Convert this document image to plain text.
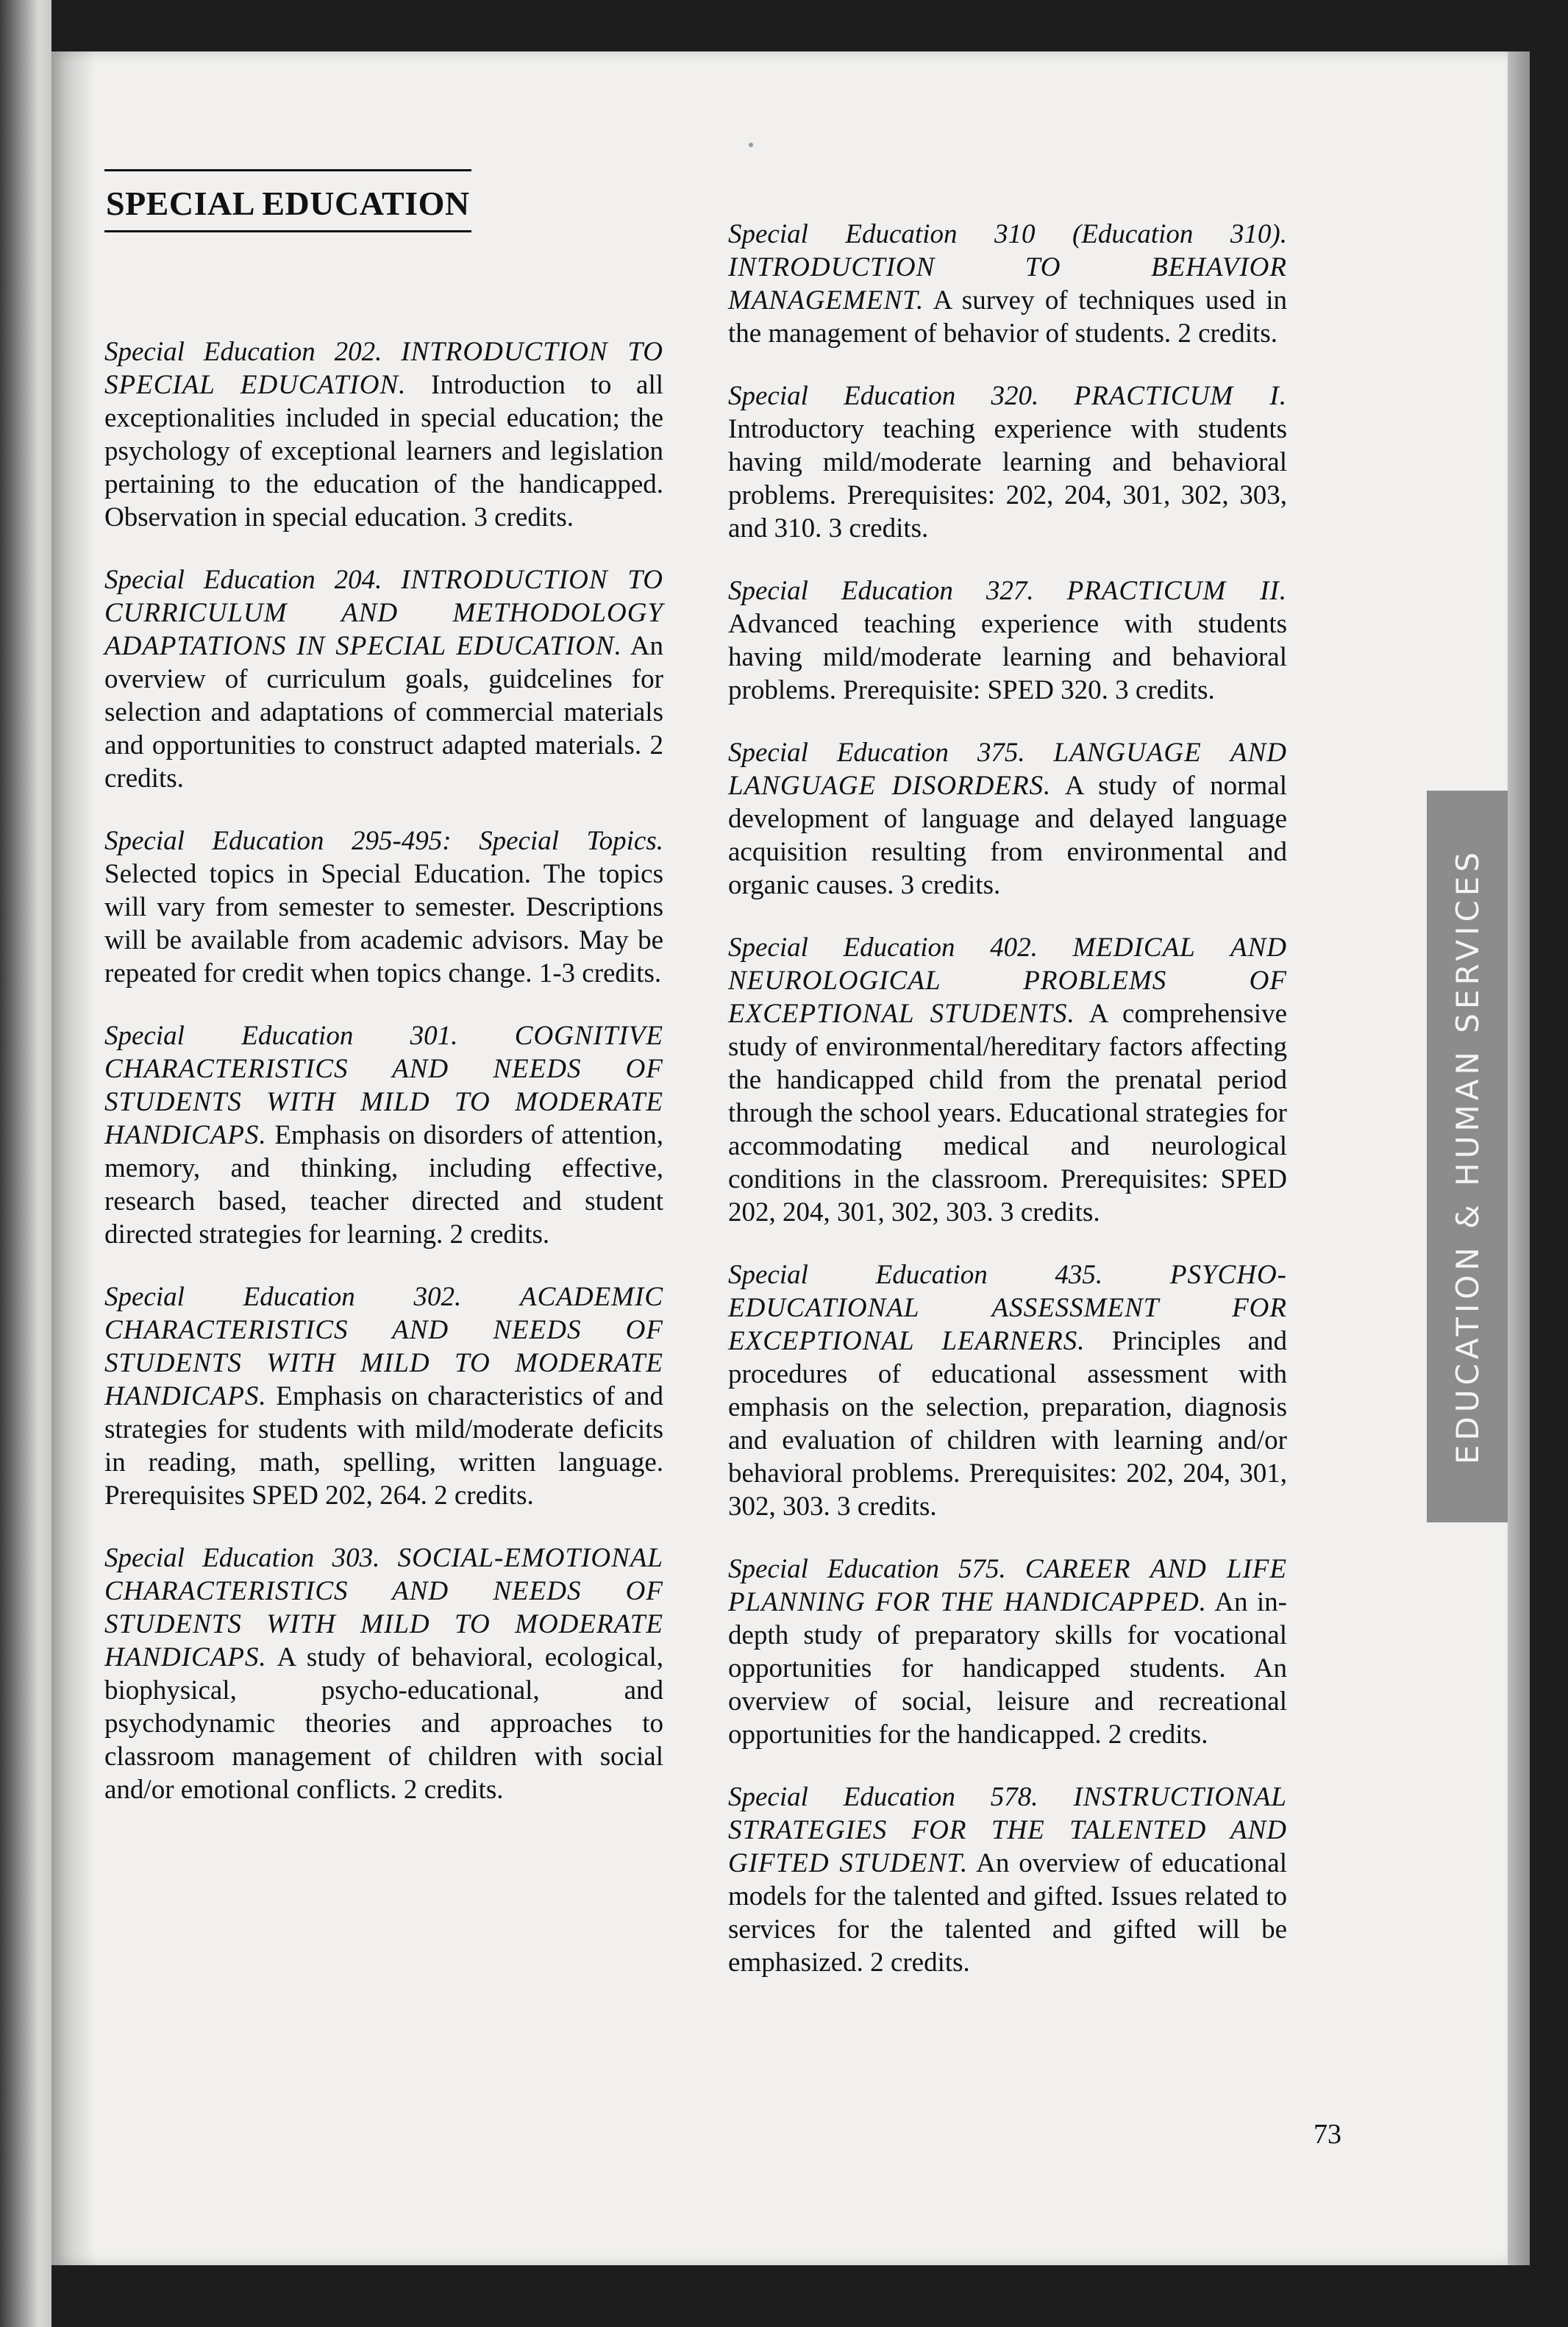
SPECIAL EDUCATION

Special Education 202. INTRODUCTION TO SPECIAL EDUCATION. Introduction to all exceptionalities included in special education; the psychology of exceptional learners and legislation pertaining to the education of the handicapped. Observation in special education. 3 credits.

Special Education 204. INTRODUCTION TO CURRICULUM AND METHODOLOGY ADAPTATIONS IN SPECIAL EDUCATION. An overview of curriculum goals, guidcelines for selection and adaptations of commercial materials and opportunities to construct adapted materials. 2 credits.

Special Education 295-495: Special Topics. Selected topics in Special Education. The topics will vary from semester to semester. Descriptions will be available from academic advisors. May be repeated for credit when topics change. 1-3 credits.

Special Education 301. COGNITIVE CHARACTERISTICS AND NEEDS OF STUDENTS WITH MILD TO MODERATE HANDICAPS. Emphasis on disorders of attention, memory, and thinking, including effective, research based, teacher directed and student directed strategies for learning. 2 credits.

Special Education 302. ACADEMIC CHARACTERISTICS AND NEEDS OF STUDENTS WITH MILD TO MODERATE HANDICAPS. Emphasis on characteristics of and strategies for students with mild/moderate deficits in reading, math, spelling, written language. Prerequisites SPED 202, 264. 2 credits.

Special Education 303. SOCIAL-EMOTIONAL CHARACTERISTICS AND NEEDS OF STUDENTS WITH MILD TO MODERATE HANDICAPS. A study of behavioral, ecological, biophysical, psycho-educational, and psychodynamic theories and approaches to classroom management of children with social and/or emotional conflicts. 2 credits.

Special Education 310 (Education 310). INTRODUCTION TO BEHAVIOR MANAGEMENT. A survey of techniques used in the management of behavior of students. 2 credits.

Special Education 320. PRACTICUM I. Introductory teaching experience with students having mild/moderate learning and behavioral problems. Prerequisites: 202, 204, 301, 302, 303, and 310. 3 credits.

Special Education 327. PRACTICUM II. Advanced teaching experience with students having mild/moderate learning and behavioral problems. Prerequisite: SPED 320. 3 credits.

Special Education 375. LANGUAGE AND LANGUAGE DISORDERS. A study of normal development of language and delayed language acquisition resulting from environmental and organic causes. 3 credits.

Special Education 402. MEDICAL AND NEUROLOGICAL PROBLEMS OF EXCEPTIONAL STUDENTS. A comprehensive study of environmental/hereditary factors affecting the handicapped child from the prenatal period through the school years. Educational strategies for accommodating medical and neurological conditions in the classroom. Prerequisites: SPED 202, 204, 301, 302, 303. 3 credits.

Special Education 435. PSYCHO-EDUCATIONAL ASSESSMENT FOR EXCEPTIONAL LEARNERS. Principles and procedures of educational assessment with emphasis on the selection, preparation, diagnosis and evaluation of children with learning and/or behavioral problems. Prerequisites: 202, 204, 301, 302, 303. 3 credits.

Special Education 575. CAREER AND LIFE PLANNING FOR THE HANDICAPPED. An in-depth study of preparatory skills for vocational opportunities for handicapped students. An overview of social, leisure and recreational opportunities for the handicapped. 2 credits.

Special Education 578. INSTRUCTIONAL STRATEGIES FOR THE TALENTED AND GIFTED STUDENT. An overview of educational models for the talented and gifted. Issues related to services for the talented and gifted will be emphasized. 2 credits.

EDUCATION & HUMAN SERVICES
73
